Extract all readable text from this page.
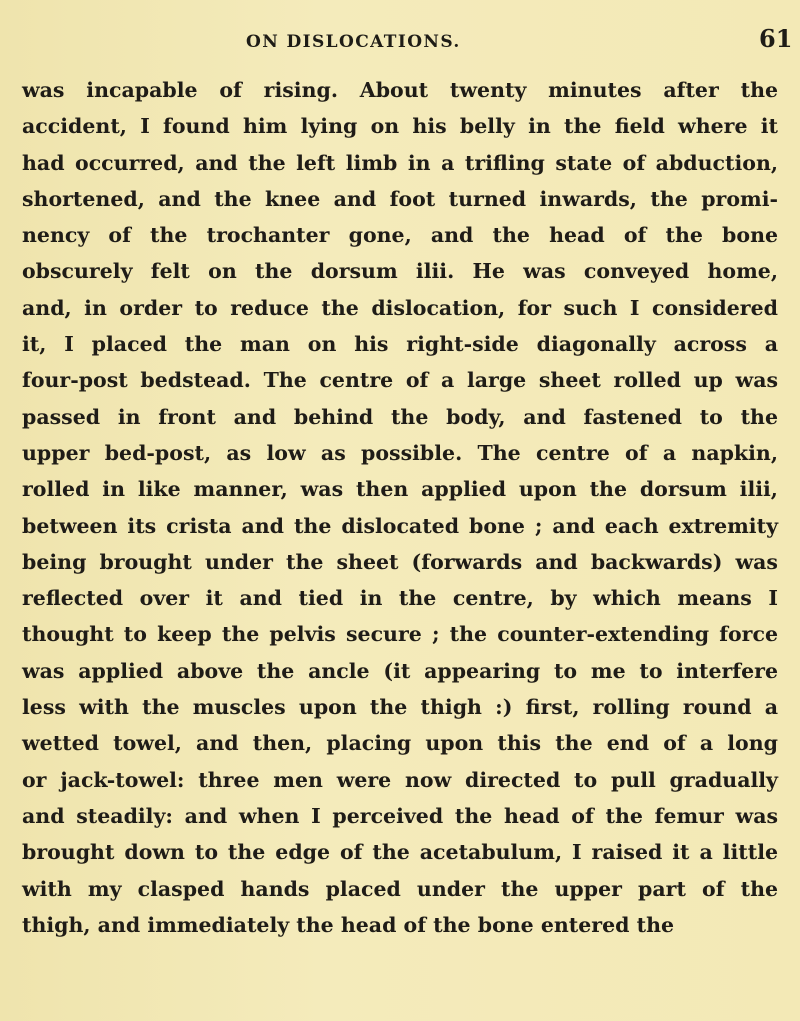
ON DISLOCATIONS.	61
was incapable of rising. About twenty minutes after the
accident, I found him lying on his belly in the field where it
had occurred, and the left limb in a trifling state of abduction,
shortened, and the knee and foot turned inwards, the promi-
nency of the trochanter gone, and the head of the bone
obscurely felt on the dorsum ilii. He was conveyed home,
and, in order to reduce the dislocation, for such I considered
it, I placed the man on his right-side diagonally across a
four-post bedstead. The centre of a large sheet rolled up was
passed in front and behind the body, and fastened to the
upper bed-post, as low as possible. The centre of a napkin,
rolled in like manner, was then applied upon the dorsum ilii,
between its crista and the dislocated bone ; and each extremity
being brought under the sheet (forwards and backwards) was
reflected over it and tied in the centre, by which means I
thought to keep the pelvis secure ; the counter-extending force
was applied above the ancle (it appearing to me to interfere
less with the muscles upon the thigh :) first, rolling round a
wetted towel, and then, placing upon this the end of a long
or jack-towel: three men were now directed to pull gradually
and steadily: and when I perceived the head of the femur was
brought down to the edge of the acetabulum, I raised it a little
with my clasped hands placed under the upper part of the
thigh, and immediately the head of the bone entered the
